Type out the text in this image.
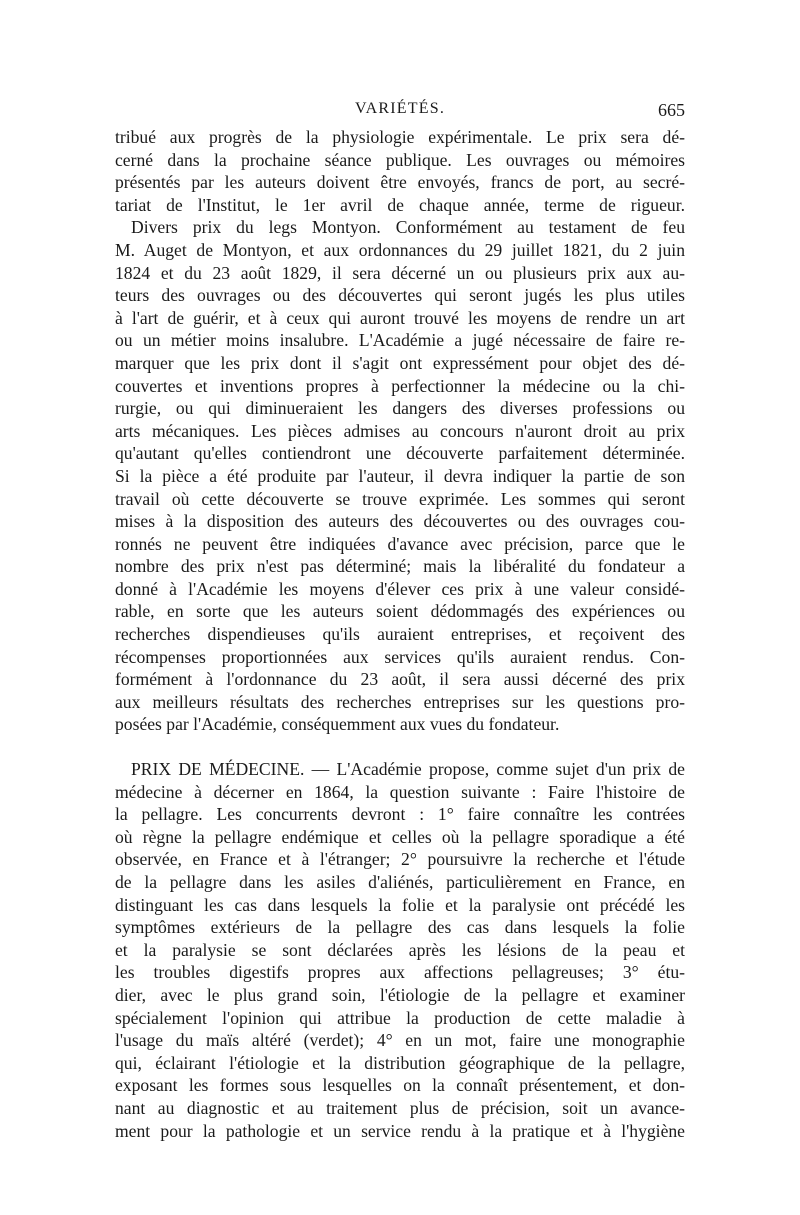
VARIÉTÉS.	665
tribué aux progrès de la physiologie expérimentale. Le prix sera dé-
cerné dans la prochaine séance publique. Les ouvrages ou mémoires
présentés par les auteurs doivent être envoyés, francs de port, au secré-
tariat de l'Institut, le 1er avril de chaque année, terme de rigueur.
Divers prix du legs Montyon. Conformément au testament de feu
M. Auget de Montyon, et aux ordonnances du 29 juillet 1821, du 2 juin
1824 et du 23 août 1829, il sera décerné un ou plusieurs prix aux au-
teurs des ouvrages ou des découvertes qui seront jugés les plus utiles
à l'art de guérir, et à ceux qui auront trouvé les moyens de rendre un art
ou un métier moins insalubre. L'Académie a jugé nécessaire de faire re-
marquer que les prix dont il s'agit ont expressément pour objet des dé-
couvertes et inventions propres à perfectionner la médecine ou la chi-
rurgie, ou qui diminueraient les dangers des diverses professions ou
arts mécaniques. Les pièces admises au concours n'auront droit au prix
qu'autant qu'elles contiendront une découverte parfaitement déterminée.
Si la pièce a été produite par l'auteur, il devra indiquer la partie de son
travail où cette découverte se trouve exprimée. Les sommes qui seront
mises à la disposition des auteurs des découvertes ou des ouvrages cou-
ronnés ne peuvent être indiquées d'avance avec précision, parce que le
nombre des prix n'est pas déterminé; mais la libéralité du fondateur a
donné à l'Académie les moyens d'élever ces prix à une valeur considé-
rable, en sorte que les auteurs soient dédommagés des expériences ou
recherches dispendieuses qu'ils auraient entreprises, et reçoivent des
récompenses proportionnées aux services qu'ils auraient rendus. Con-
formément à l'ordonnance du 23 août, il sera aussi décerné des prix
aux meilleurs résultats des recherches entreprises sur les questions pro-
posées par l'Académie, conséquemment aux vues du fondateur.
PRIX DE MÉDECINE. — L'Académie propose, comme sujet d'un prix de
médecine à décerner en 1864, la question suivante : Faire l'histoire de
la pellagre. Les concurrents devront : 1° faire connaître les contrées
où règne la pellagre endémique et celles où la pellagre sporadique a été
observée, en France et à l'étranger; 2° poursuivre la recherche et l'étude
de la pellagre dans les asiles d'aliénés, particulièrement en France, en
distinguant les cas dans lesquels la folie et la paralysie ont précédé les
symptômes extérieurs de la pellagre des cas dans lesquels la folie
et la paralysie se sont déclarées après les lésions de la peau et
les troubles digestifs propres aux affections pellagreuses; 3° étu-
dier, avec le plus grand soin, l'étiologie de la pellagre et examiner
spécialement l'opinion qui attribue la production de cette maladie à
l'usage du maïs altéré (verdet); 4° en un mot, faire une monographie
qui, éclairant l'étiologie et la distribution géographique de la pellagre,
exposant les formes sous lesquelles on la connaît présentement, et don-
nant au diagnostic et au traitement plus de précision, soit un avance-
ment pour la pathologie et un service rendu à la pratique et à l'hygiène
